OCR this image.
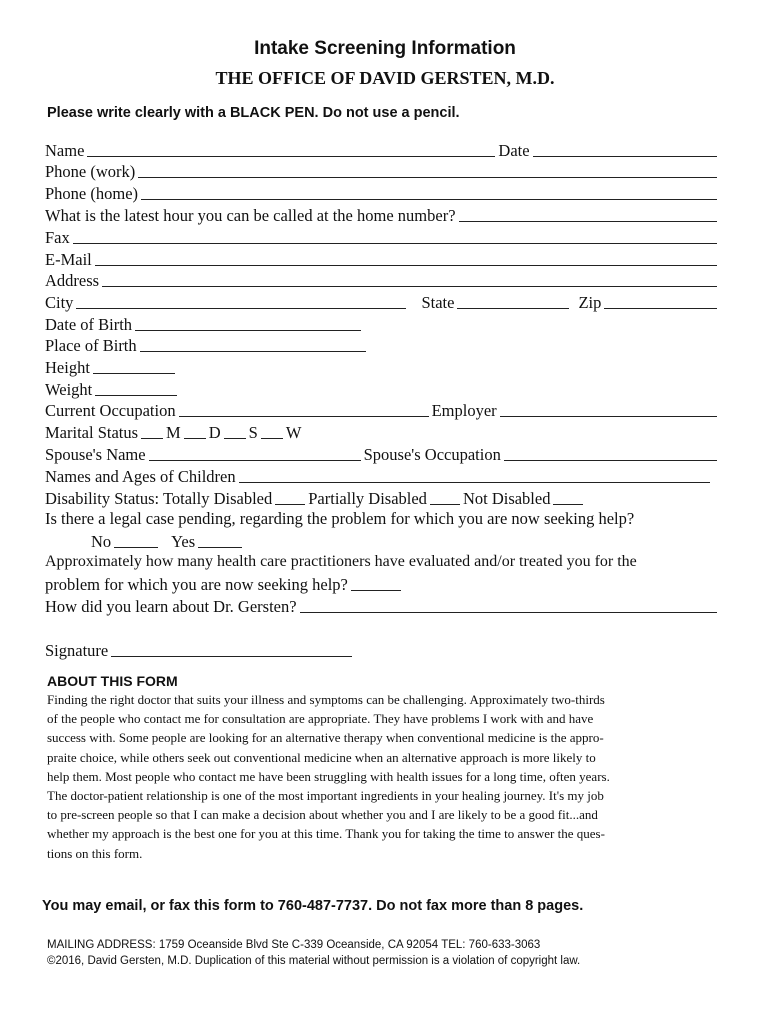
Intake Screening Information
THE OFFICE OF DAVID GERSTEN, M.D.
Please write clearly with a BLACK PEN. Do not use a pencil.
Name	Date
Phone (work)
Phone (home)
What is the latest hour you can be called at the home number?
Fax
E-Mail
Address
City	State	Zip
Date of Birth
Place of Birth
Height
Weight
Current Occupation	Employer
Marital Status M D S W
Spouse's Name	Spouse's Occupation
Names and Ages of Children
Disability Status: Totally Disabled Partially Disabled Not Disabled
Is there a legal case pending, regarding the problem for which you are now seeking help?
No	Yes
Approximately how many health care practitioners have evaluated and/or treated you for the
problem for which you are now seeking help?
How did you learn about Dr. Gersten?
Signature
ABOUT THIS FORM
Finding the right doctor that suits your illness and symptoms can be challenging. Approximately two-thirds
of the people who contact me for consultation are appropriate. They have problems I work with and have
success with. Some people are looking for an alternative therapy when conventional medicine is the appro-
praite choice, while others seek out conventional medicine when an alternative approach is more likely to
help them. Most people who contact me have been struggling with health issues for a long time, often years.
The doctor-patient relationship is one of the most important ingredients in your healing journey. It's my job
to pre-screen people so that I can make a decision about whether you and I are likely to be a good fit...and
whether my approach is the best one for you at this time. Thank you for taking the time to answer the ques-
tions on this form.
You may email, or fax this form to 760-487-7737. Do not fax more than 8 pages.
MAILING ADDRESS: 1759 Oceanside Blvd Ste C-339 Oceanside, CA 92054 TEL: 760-633-3063
©2016, David Gersten, M.D. Duplication of this material without permission is a violation of copyright law.
